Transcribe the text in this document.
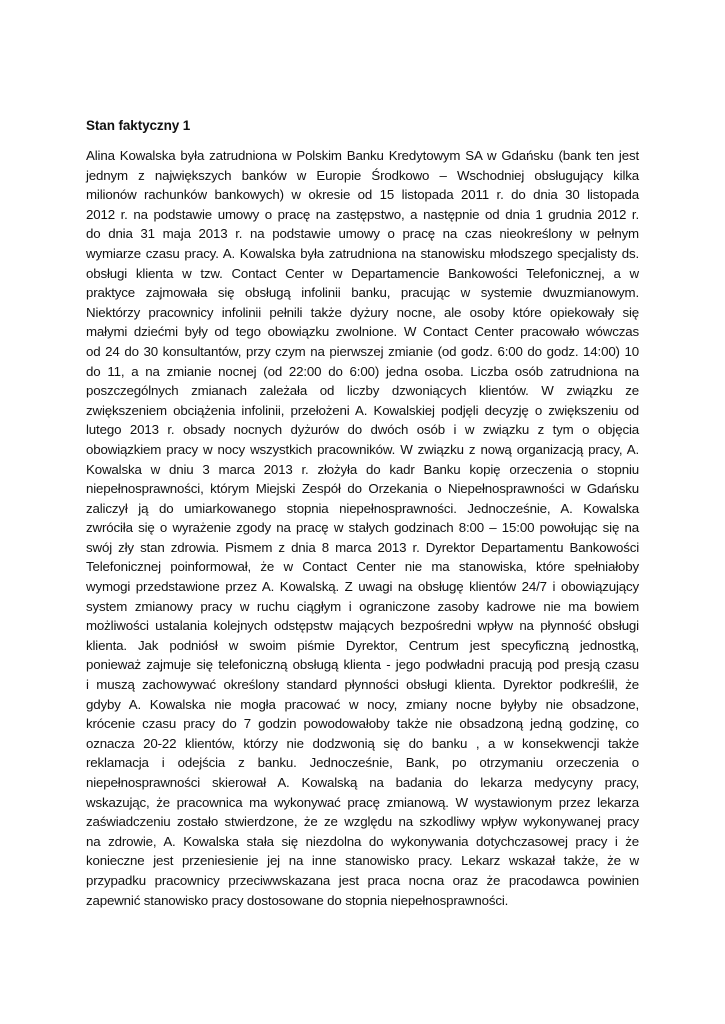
Stan faktyczny 1
Alina Kowalska była zatrudniona w Polskim Banku Kredytowym SA w Gdańsku (bank ten jest
jednym z największych banków w Europie Środkowo – Wschodniej obsługujący kilka
milionów rachunków bankowych) w okresie od 15 listopada 2011 r. do dnia 30 listopada
2012 r. na podstawie umowy o pracę na zastępstwo, a następnie od dnia 1 grudnia 2012 r.
do dnia 31 maja 2013 r. na podstawie umowy o pracę na czas nieokreślony w pełnym
wymiarze czasu pracy. A. Kowalska była zatrudniona na stanowisku młodszego specjalisty ds.
obsługi klienta w tzw. Contact Center w Departamencie Bankowości Telefonicznej, a w
praktyce zajmowała się obsługą infolinii banku, pracując w systemie dwuzmianowym.
Niektórzy pracownicy infolinii pełnili także dyżury nocne, ale osoby które opiekowały się
małymi dziećmi były od tego obowiązku zwolnione. W Contact Center pracowało wówczas
od 24 do 30 konsultantów, przy czym na pierwszej zmianie (od godz. 6:00 do godz. 14:00) 10
do 11, a na zmianie nocnej (od 22:00 do 6:00) jedna osoba. Liczba osób zatrudniona na
poszczególnych zmianach zależała od liczby dzwoniących klientów. W związku ze
zwiększeniem obciążenia infolinii, przełożeni A. Kowalskiej podjęli decyzję o zwiększeniu od
lutego 2013 r. obsady nocnych dyżurów do dwóch osób i w związku z tym o objęcia
obowiązkiem pracy w nocy wszystkich pracowników. W związku z nową organizacją pracy, A.
Kowalska w dniu 3 marca 2013 r. złożyła do kadr Banku kopię orzeczenia o stopniu
niepełnosprawności, którym Miejski Zespół do Orzekania o Niepełnosprawności w Gdańsku
zaliczył ją do umiarkowanego stopnia niepełnosprawności. Jednocześnie, A. Kowalska
zwróciła się o wyrażenie zgody na pracę w stałych godzinach 8:00 – 15:00 powołując się na
swój zły stan zdrowia. Pismem z dnia 8 marca 2013 r. Dyrektor Departamentu Bankowości
Telefonicznej poinformował, że w Contact Center nie ma stanowiska, które spełniałoby
wymogi przedstawione przez A. Kowalską. Z uwagi na obsługę klientów 24/7 i obowiązujący
system zmianowy pracy w ruchu ciągłym i ograniczone zasoby kadrowe nie ma bowiem
możliwości ustalania kolejnych odstępstw mających bezpośredni wpływ na płynność obsługi
klienta. Jak podniósł w swoim piśmie Dyrektor, Centrum jest specyficzną jednostką,
ponieważ zajmuje się telefoniczną obsługą klienta - jego podwładni pracują pod presją czasu
i muszą zachowywać określony standard płynności obsługi klienta. Dyrektor podkreślił, że
gdyby A. Kowalska nie mogła pracować w nocy, zmiany nocne byłyby nie obsadzone,
krócenie czasu pracy do 7 godzin powodowałoby także nie obsadzoną jedną godzinę, co
oznacza 20-22 klientów, którzy nie dodzwonią się do banku , a w konsekwencji także
reklamacja i odejścia z banku. Jednocześnie, Bank, po otrzymaniu orzeczenia o
niepełnosprawności skierował A. Kowalską na badania do lekarza medycyny pracy,
wskazując, że pracownica ma wykonywać pracę zmianową. W wystawionym przez lekarza
zaświadczeniu zostało stwierdzone, że ze względu na szkodliwy wpływ wykonywanej pracy
na zdrowie, A. Kowalska stała się niezdolna do wykonywania dotychczasowej pracy i że
konieczne jest przeniesienie jej na inne stanowisko pracy. Lekarz wskazał także, że w
przypadku pracownicy przeciwwskazana jest praca nocna oraz że pracodawca powinien
zapewnić stanowisko pracy dostosowane do stopnia niepełnosprawności.
